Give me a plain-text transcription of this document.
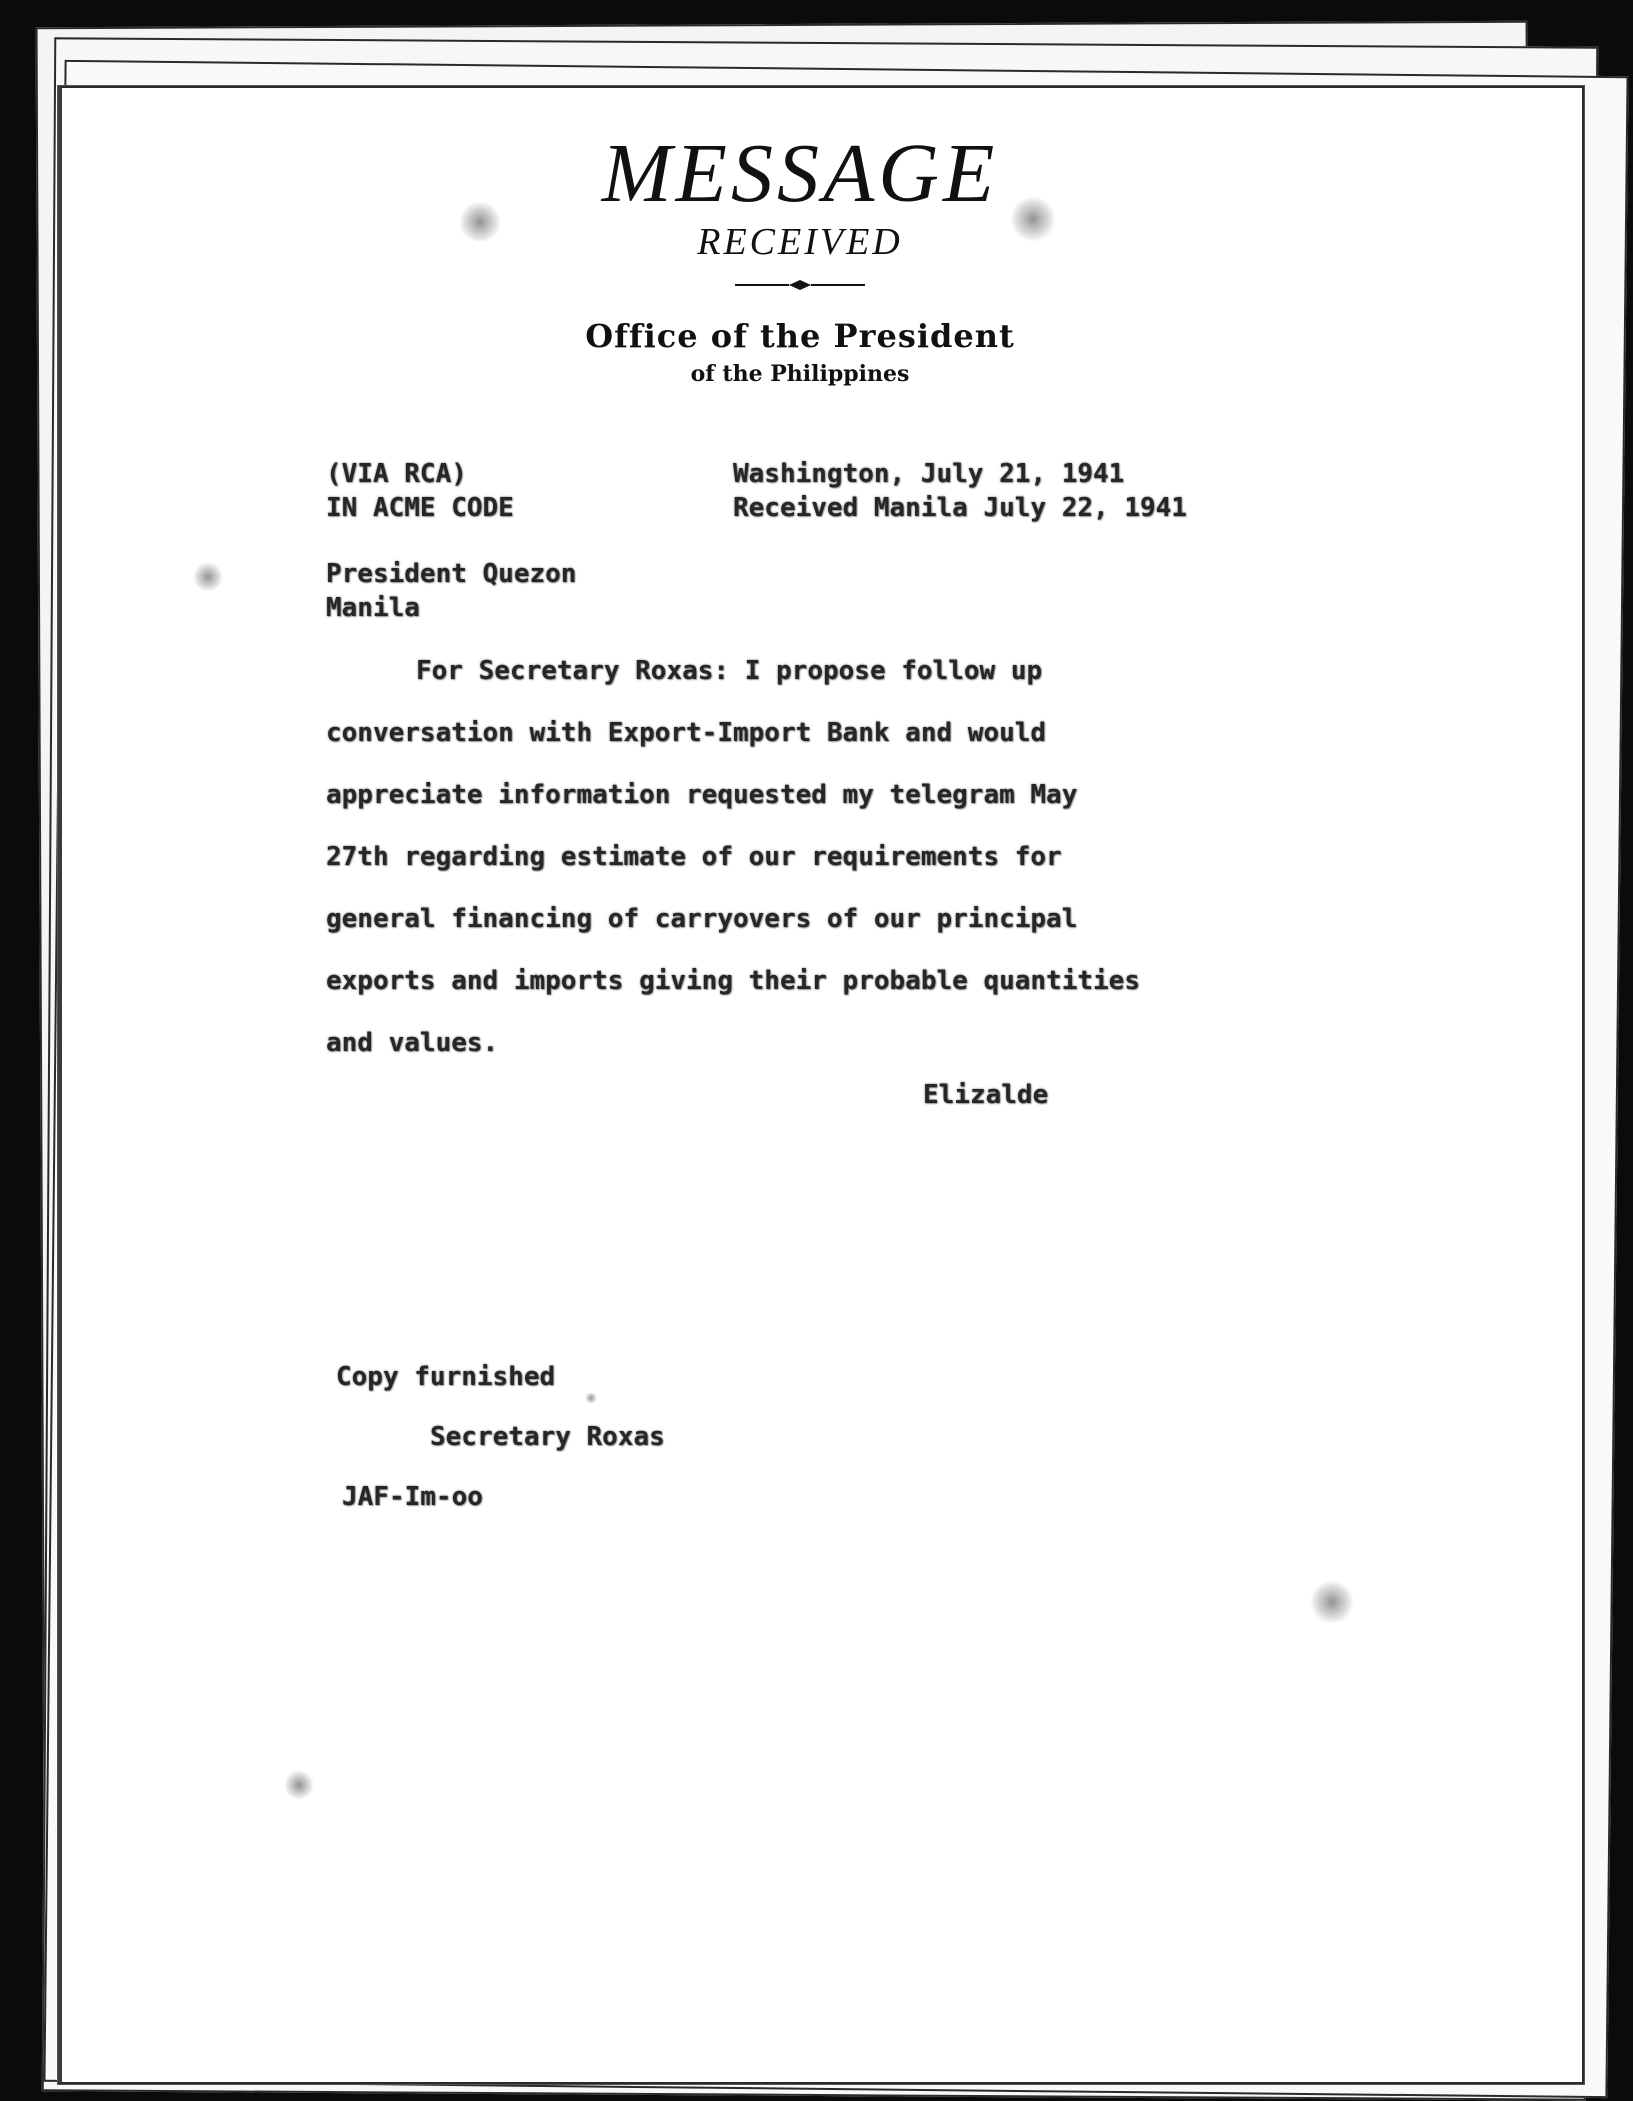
MESSAGE
RECEIVED
Office of the President
of the Philippines
(VIA RCA)
IN ACME CODE
Washington, July 21, 1941
Received Manila July 22, 1941
President Quezon
Manila
For Secretary Roxas: I propose follow up
conversation with Export-Import Bank and would
appreciate information requested my telegram May
27th regarding estimate of our requirements for
general financing of carryovers of our principal
exports and imports giving their probable quantities
and values.
Elizalde
Copy furnished
Secretary Roxas
JAF-Im-oo
